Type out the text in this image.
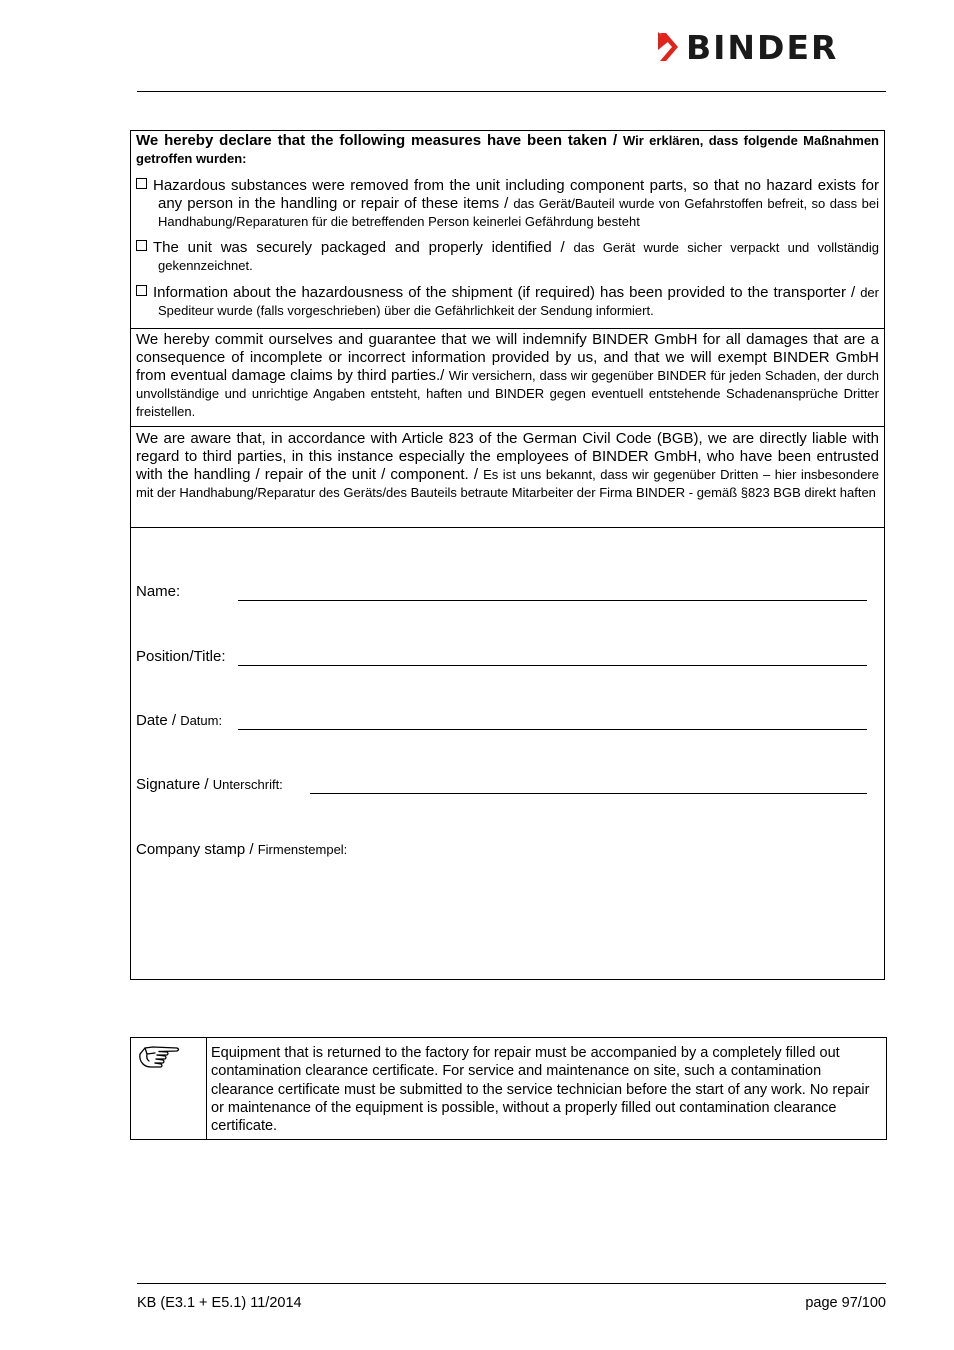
BINDER
We hereby declare that the following measures have been taken / Wir erklären, dass folgende Maßnahmen getroffen wurden:
Hazardous substances were removed from the unit including component parts, so that no hazard exists for any person in the handling or repair of these items / das Gerät/Bauteil wurde von Gefahrstoffen befreit, so dass bei Handhabung/Reparaturen für die betreffenden Person keinerlei Gefährdung besteht
The unit was securely packaged and properly identified / das Gerät wurde sicher verpackt und vollständig gekennzeichnet.
Information about the hazardousness of the shipment (if required) has been provided to the transporter / der Spediteur wurde (falls vorgeschrieben) über die Gefährlichkeit der Sendung informiert.
We hereby commit ourselves and guarantee that we will indemnify BINDER GmbH for all damages that are a consequence of incomplete or incorrect information provided by us, and that we will exempt BINDER GmbH from eventual damage claims by third parties./ Wir versichern, dass wir gegenüber BINDER für jeden Schaden, der durch unvollständige und unrichtige Angaben entsteht, haften und BINDER gegen eventuell entstehende Schadenansprüche Dritter freistellen.
We are aware that, in accordance with Article 823 of the German Civil Code (BGB), we are directly liable with regard to third parties, in this instance especially the employees of BINDER GmbH, who have been entrusted with the handling / repair of the unit / component. / Es ist uns bekannt, dass wir gegenüber Dritten – hier insbesondere mit der Handhabung/Reparatur des Geräts/des Bauteils betraute Mitarbeiter der Firma BINDER - gemäß §823 BGB direkt haften
Name:
Position/Title:
Date / Datum:
Signature / Unterschrift:
Company stamp / Firmenstempel:
Equipment that is returned to the factory for repair must be accompanied by a completely filled out contamination clearance certificate. For service and maintenance on site, such a contamination clearance certificate must be submitted to the service technician before the start of any work. No repair or maintenance of the equipment is possible, without a properly filled out contamination clearance certificate.
KB (E3.1 + E5.1) 11/2014	page 97/100
